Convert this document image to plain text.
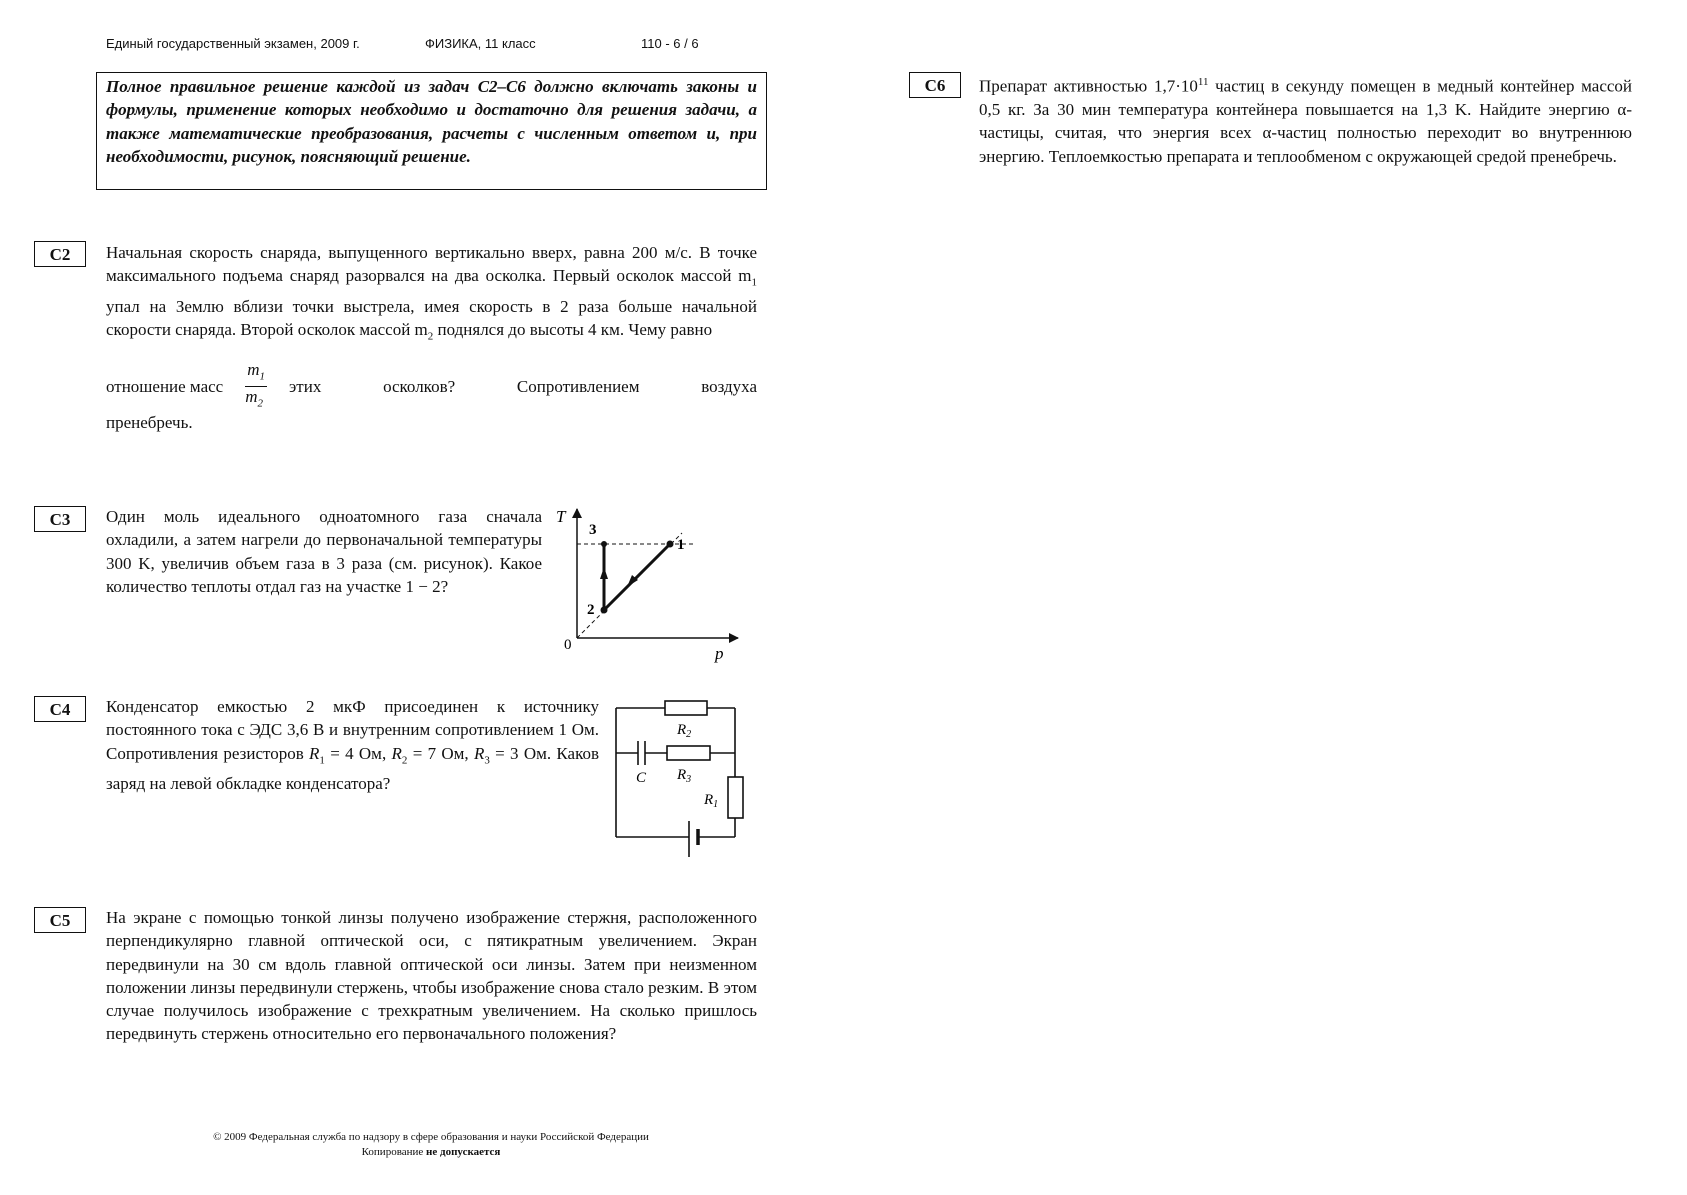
Единый государственный экзамен, 2009 г.	ФИЗИКА, 11 класс	110 - 6 / 6
Полное правильное решение каждой из задач С2–С6 должно включать законы и формулы, применение которых необходимо и достаточно для решения задачи, а также математические преобразования, расчеты с численным ответом и, при необходимости, рисунок, поясняющий решение.
C2	Начальная скорость снаряда, выпущенного вертикально вверх, равна 200 м/с. В точке максимального подъема снаряд разорвался на два осколка. Первый осколок массой $m_1$ упал на Землю вблизи точки выстрела, имея скорость в 2 раза больше начальной скорости снаряда. Второй осколок массой $m_2$ поднялся до высоты 4 км. Чему равно
отношение масс $\frac{m_1}{m_2}$ этих осколков? Сопротивлением воздуха
пренебречь.
C3	Один моль идеального одноатомного газа сначала охладили, а затем нагрели до первоначальной температуры 300 K, увеличив объем газа в 3 раза (см. рисунок). Какое количество теплоты отдал газ на участке 1 − 2?
T
p
0
1
2
3
C4	Конденсатор емкостью 2 мкФ присоединен к источнику постоянного тока с ЭДС 3,6 В и внутренним сопротивлением 1 Ом. Сопротивления резисторов $R_1 = 4$ Ом, $R_2 = 7$ Ом, $R_3 = 3$ Ом. Каков заряд на левой обкладке конденсатора?
$R_2$
$R_3$
$R_1$
C
C5	На экране с помощью тонкой линзы получено изображение стержня, расположенного перпендикулярно главной оптической оси, с пятикратным увеличением. Экран передвинули на 30 см вдоль главной оптической оси линзы. Затем при неизменном положении линзы передвинули стержень, чтобы изображение снова стало резким. В этом случае получилось изображение с трехкратным увеличением. На сколько пришлось передвинуть стержень относительно его первоначального положения?
C6	Препарат активностью $1,7\cdot 10^{11}$ частиц в секунду помещен в медный контейнер массой 0,5 кг. За 30 мин температура контейнера повышается на 1,3 K. Найдите энергию α-частицы, считая, что энергия всех α-частиц полностью переходит во внутреннюю энергию. Теплоемкостью препарата и теплообменом с окружающей средой пренебречь.
© 2009 Федеральная служба по надзору в сфере образования и науки Российской Федерации
Копирование не допускается
